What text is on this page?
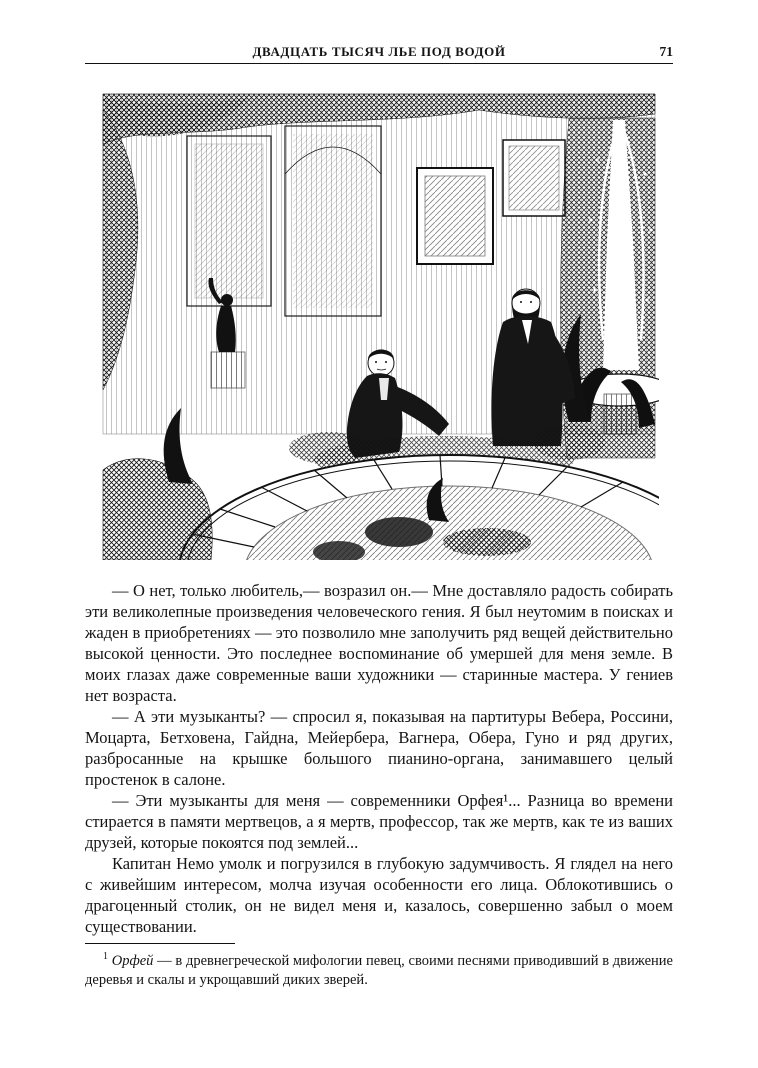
ДВАДЦАТЬ ТЫСЯЧ ЛЬЕ ПОД ВОДОЙ	71

— О нет, только любитель,— возразил он.— Мне доставляло радость собирать эти великолепные произведения человеческого гения. Я был неутомим в поисках и жаден в приобретениях — это позволило мне заполучить ряд вещей действительно высокой ценности. Это последнее воспоминание об умершей для меня земле. В моих глазах даже современные ваши художники — старинные мастера. У гениев нет возраста.

— А эти музыканты? — спросил я, показывая на партитуры Вебера, Россини, Моцарта, Бетховена, Гайдна, Мейербера, Вагнера, Обера, Гуно и ряд других, разбросанные на крышке большого пианино-органа, занимавшего целый простенок в салоне.

— Эти музыканты для меня — современники Орфея¹... Разница во времени стирается в памяти мертвецов, а я мертв, профессор, так же мертв, как те из ваших друзей, которые покоятся под землей...

Капитан Немо умолк и погрузился в глубокую задумчивость. Я глядел на него с живейшим интересом, молча изучая особенности его лица. Облокотившись о драгоценный столик, он не видел меня и, казалось, совершенно забыл о моем существовании.

$^1$ Орфей — в древнегреческой мифологии певец, своими песнями приводивший в движение деревья и скалы и укрощавший диких зверей.
